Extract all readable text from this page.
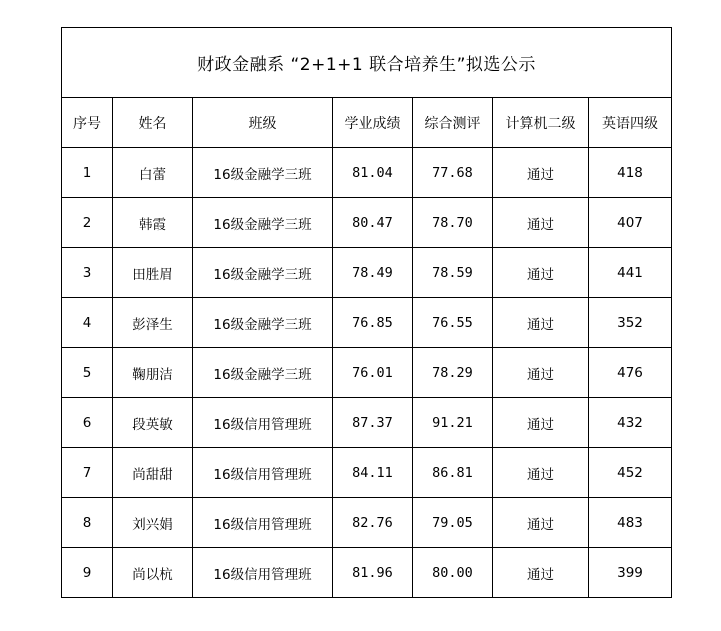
财政金融系 “2+1+1 联合培养生”拟选公示						
序号	姓名	班级	学业成绩	综合测评	计算机二级	英语四级
1	白蕾	16级金融学三班	81.04	77.68	通过	418
2	韩霞	16级金融学三班	80.47	78.70	通过	407
3	田胜眉	16级金融学三班	78.49	78.59	通过	441
4	彭泽生	16级金融学三班	76.85	76.55	通过	352
5	鞠朋洁	16级金融学三班	76.01	78.29	通过	476
6	段英敏	16级信用管理班	87.37	91.21	通过	432
7	尚甜甜	16级信用管理班	84.11	86.81	通过	452
8	刘兴娟	16级信用管理班	82.76	79.05	通过	483
9	尚以杭	16级信用管理班	81.96	80.00	通过	399
